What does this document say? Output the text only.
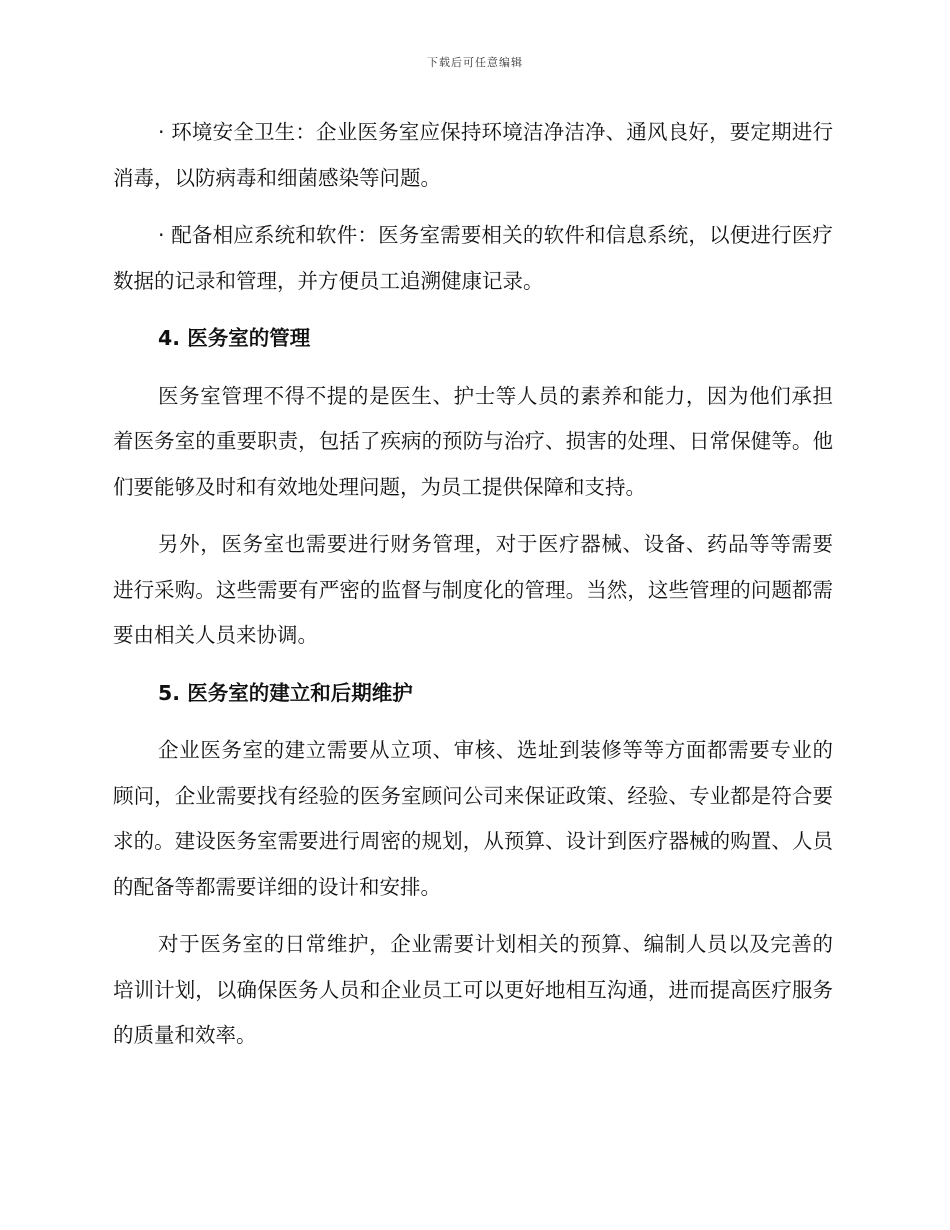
下载后可任意编辑

· 环境安全卫生：企业医务室应保持环境洁净洁净、通风良好，要定期进行消毒，以防病毒和细菌感染等问题。

· 配备相应系统和软件：医务室需要相关的软件和信息系统，以便进行医疗数据的记录和管理，并方便员工追溯健康记录。

4. 医务室的管理

医务室管理不得不提的是医生、护士等人员的素养和能力，因为他们承担着医务室的重要职责，包括了疾病的预防与治疗、损害的处理、日常保健等。他们要能够及时和有效地处理问题，为员工提供保障和支持。

另外，医务室也需要进行财务管理，对于医疗器械、设备、药品等等需要进行采购。这些需要有严密的监督与制度化的管理。当然，这些管理的问题都需要由相关人员来协调。

5. 医务室的建立和后期维护

企业医务室的建立需要从立项、审核、选址到装修等等方面都需要专业的顾问，企业需要找有经验的医务室顾问公司来保证政策、经验、专业都是符合要求的。建设医务室需要进行周密的规划，从预算、设计到医疗器械的购置、人员的配备等都需要详细的设计和安排。

对于医务室的日常维护，企业需要计划相关的预算、编制人员以及完善的培训计划，以确保医务人员和企业员工可以更好地相互沟通，进而提高医疗服务的质量和效率。
